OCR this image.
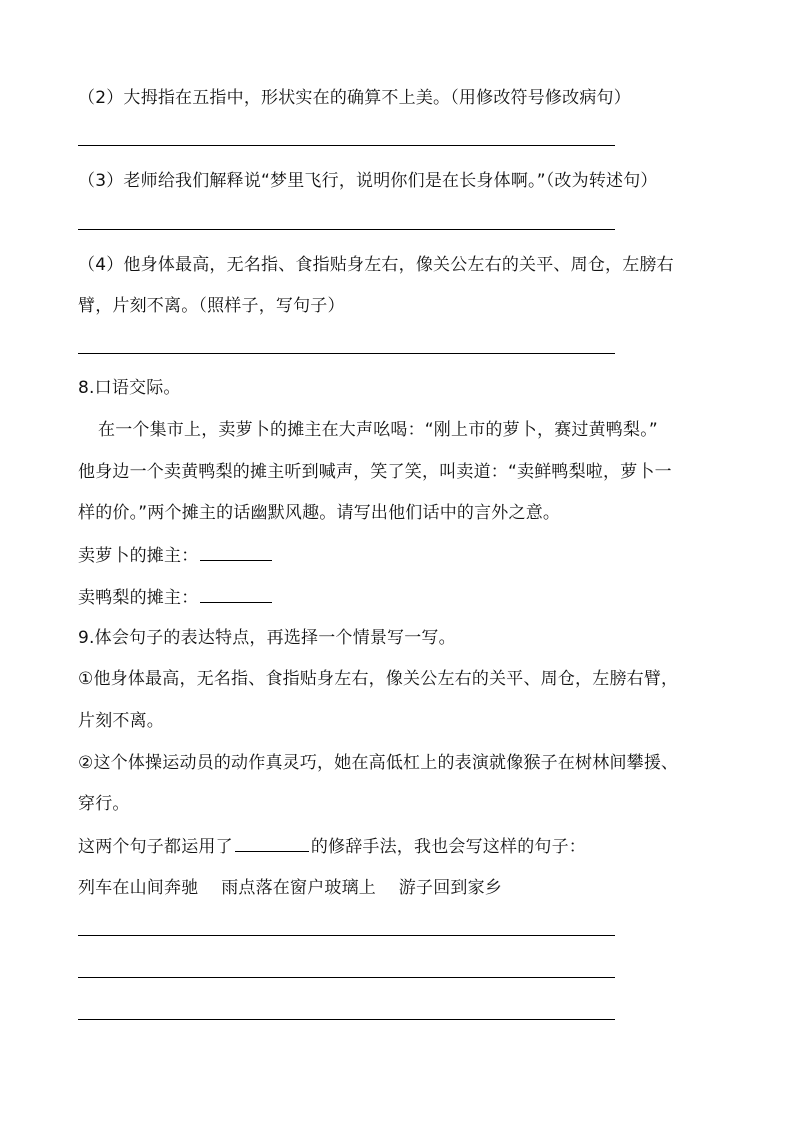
（2）大拇指在五指中，形状实在的确算不上美。（用修改符号修改病句）
（3）老师给我们解释说“梦里飞行，说明你们是在长身体啊。”（改为转述句）
（4）他身体最高，无名指、食指贴身左右，像关公左右的关平、周仓，左膀右
臂，片刻不离。（照样子，写句子）
8.口语交际。
在一个集市上，卖萝卜的摊主在大声吆喝：“刚上市的萝卜，赛过黄鸭梨。”
他身边一个卖黄鸭梨的摊主听到喊声，笑了笑，叫卖道：“卖鲜鸭梨啦，萝卜一
样的价。”两个摊主的话幽默风趣。请写出他们话中的言外之意。
卖萝卜的摊主：
卖鸭梨的摊主：
9.体会句子的表达特点，再选择一个情景写一写。
①他身体最高，无名指、食指贴身左右，像关公左右的关平、周仓，左膀右臂，
片刻不离。
②这个体操运动员的动作真灵巧，她在高低杠上的表演就像猴子在树林间攀援、
穿行。
这两个句子都运用了	的修辞手法，我也会写这样的句子：
列车在山间奔驰　 雨点落在窗户玻璃上　 游子回到家乡
